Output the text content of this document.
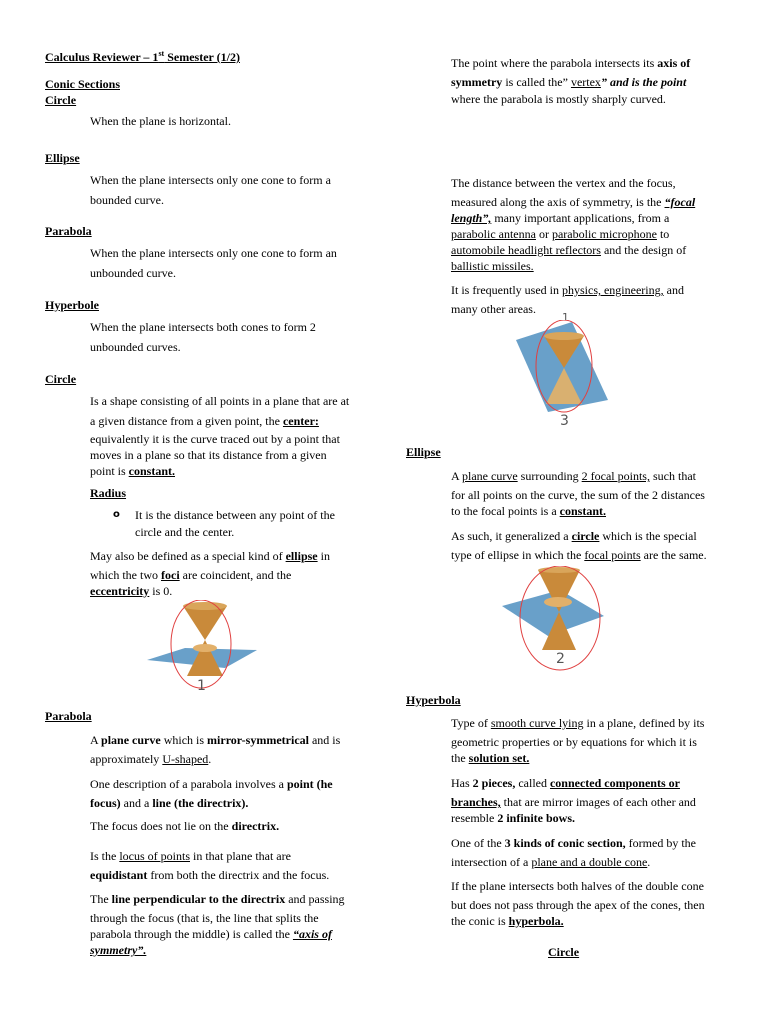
Calculus Reviewer – 1st Semester (1/2)
Conic Sections
Circle
When the plane is horizontal.
Ellipse
When the plane intersects only one cone to form a
bounded curve.
Parabola
When the plane intersects only one cone to form an
unbounded curve.
Hyperbole
When the plane intersects both cones to form 2
unbounded curves.
Circle
Is a shape consisting of all points in a plane that are at
a given distance from a given point, the center:
equivalently it is the curve traced out by a point that
moves in a plane so that its distance from a given
point is constant.
Radius
o It is the distance between any point of the
circle and the center.
May also be defined as a special kind of ellipse in
which the two foci are coincident, and the
eccentricity is 0.
1
Parabola
A plane curve which is mirror-symmetrical and is
approximately U-shaped.
One description of a parabola involves a point (he
focus) and a line (the directrix).
The focus does not lie on the directrix.
Is the locus of points in that plane that are
equidistant from both the directrix and the focus.
The line perpendicular to the directrix and passing
through the focus (that is, the line that splits the
parabola through the middle) is called the “axis of
symmetry”.
The point where the parabola intersects its axis of
symmetry is called the” vertex” and is the point
where the parabola is mostly sharply curved.
The distance between the vertex and the focus,
measured along the axis of symmetry, is the “focal
length”, many important applications, from a
parabolic antenna or parabolic microphone to
automobile headlight reflectors and the design of
ballistic missiles.
It is frequently used in physics, engineering, and
many other areas.
1
3
Ellipse
A plane curve surrounding 2 focal points, such that
for all points on the curve, the sum of the 2 distances
to the focal points is a constant.
As such, it generalized a circle which is the special
type of ellipse in which the focal points are the same.
2
Hyperbola
Type of smooth curve lying in a plane, defined by its
geometric properties or by equations for which it is
the solution set.
Has 2 pieces, called connected components or
branches, that are mirror images of each other and
resemble 2 infinite bows.
One of the 3 kinds of conic section, formed by the
intersection of a plane and a double cone.
If the plane intersects both halves of the double cone
but does not pass through the apex of the cones, then
the conic is hyperbola.
Circle
